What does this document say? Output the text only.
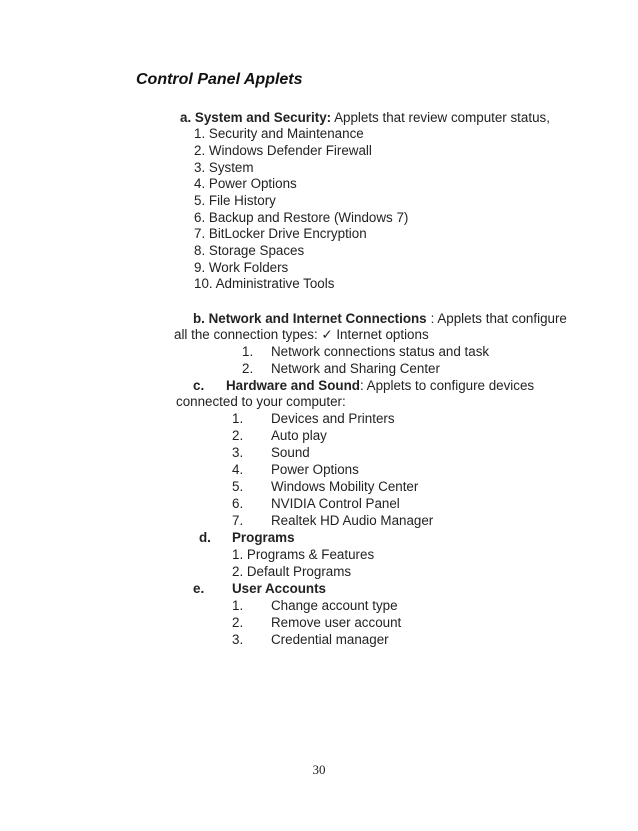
Control Panel Applets
a. System and Security: Applets that review computer status,
1. Security and Maintenance
2. Windows Defender Firewall
3. System
4. Power Options
5. File History
6. Backup and Restore (Windows 7)
7. BitLocker Drive Encryption
8. Storage Spaces
9. Work Folders
10. Administrative Tools
b. Network and Internet Connections : Applets that configure
all the connection types: ✓ Internet options
1. Network connections status and task
2. Network and Sharing Center
c. Hardware and Sound: Applets to configure devices
connected to your computer:
1. Devices and Printers
2. Auto play
3. Sound
4. Power Options
5. Windows Mobility Center
6. NVIDIA Control Panel
7. Realtek HD Audio Manager
d. Programs
1. Programs & Features
2. Default Programs
e. User Accounts
1. Change account type
2. Remove user account
3. Credential manager
30
